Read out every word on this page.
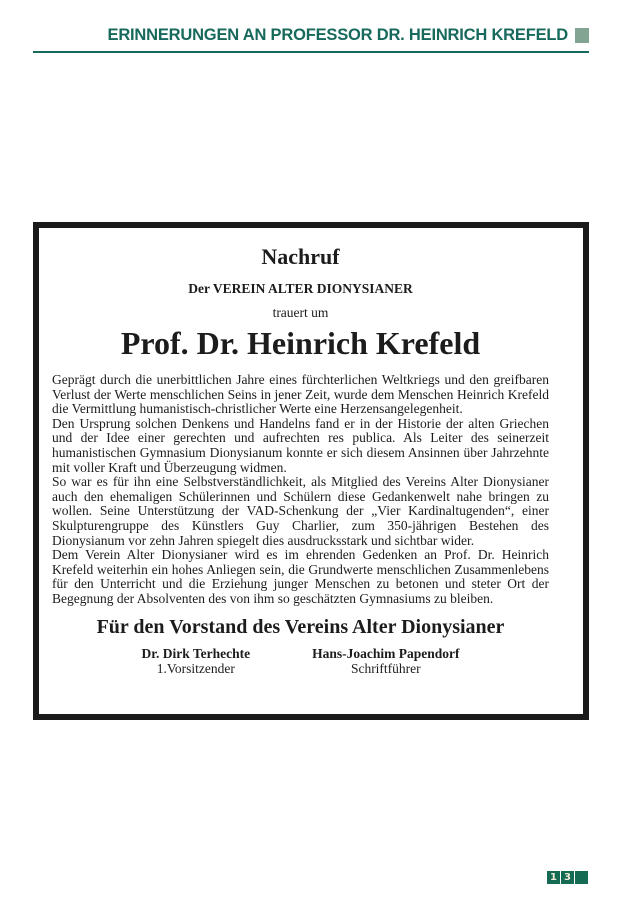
ERINNERUNGEN AN PROFESSOR DR. HEINRICH KREFELD
Nachruf
Der VEREIN ALTER DIONYSIANER
trauert um
Prof. Dr. Heinrich Krefeld

Geprägt durch die unerbittlichen Jahre eines fürchterlichen Weltkriegs und den greifbaren Verlust der Werte menschlichen Seins in jener Zeit, wurde dem Menschen Heinrich Krefeld die Vermittlung humanistisch-christlicher Werte eine Herzensangelegenheit.

Den Ursprung solchen Denkens und Handelns fand er in der Historie der alten Griechen und der Idee einer gerechten und aufrechten res publica. Als Leiter des seinerzeit humanistischen Gymnasium Dionysianum konnte er sich diesem Ansinnen über Jahrzehnte mit voller Kraft und Überzeugung widmen.

So war es für ihn eine Selbstverständlichkeit, als Mitglied des Vereins Alter Dionysianer auch den ehemaligen Schülerinnen und Schülern diese Gedankenwelt nahe bringen zu wollen. Seine Unterstützung der VAD-Schenkung der „Vier Kardinaltugenden“, einer Skulpturengruppe des Künstlers Guy Charlier, zum 350-jährigen Bestehen des Dionysianum vor zehn Jahren spiegelt dies ausdrucksstark und sichtbar wider.

Dem Verein Alter Dionysianer wird es im ehrenden Gedenken an Prof. Dr. Heinrich Krefeld weiterhin ein hohes Anliegen sein, die Grundwerte menschlichen Zusammenlebens für den Unterricht und die Erziehung junger Menschen zu betonen und steter Ort der Begegnung der Absolventen des von ihm so geschätzten Gymnasiums zu bleiben.

Für den Vorstand des Vereins Alter Dionysianer
Dr. Dirk Terhechte
1.Vorsitzender
Hans-Joachim Papendorf
Schriftführer
1 3
